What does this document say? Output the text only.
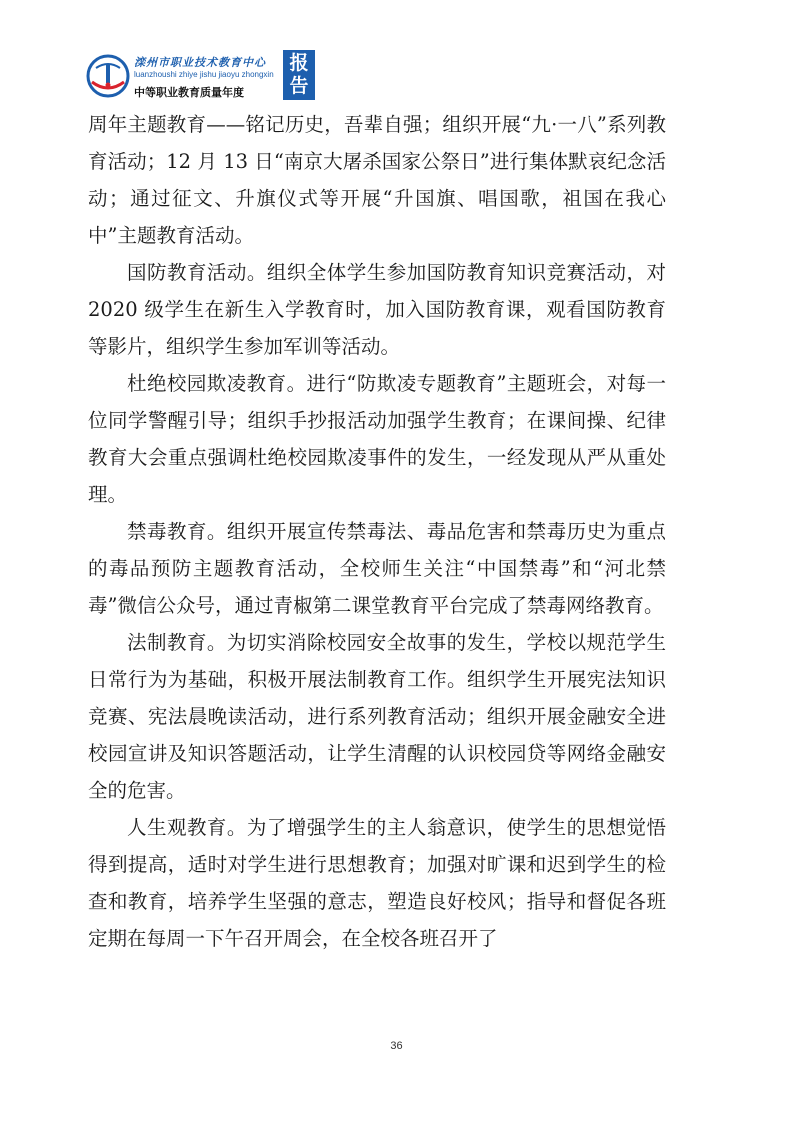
滦州市职业技术教育中心
luanzhoushi zhiye jishu jiaoyu zhongxin
中等职业教育质量年度
报
告

周年主题教育——铭记历史，吾辈自强；组织开展“九·一八”系列教育活动；12 月 13 日“南京大屠杀国家公祭日”进行集体默哀纪念活动；通过征文、升旗仪式等开展“升国旗、唱国歌，祖国在我心中”主题教育活动。

国防教育活动。组织全体学生参加国防教育知识竞赛活动，对 2020 级学生在新生入学教育时，加入国防教育课，观看国防教育等影片，组织学生参加军训等活动。

杜绝校园欺凌教育。进行“防欺凌专题教育”主题班会，对每一位同学警醒引导；组织手抄报活动加强学生教育；在课间操、纪律教育大会重点强调杜绝校园欺凌事件的发生，一经发现从严从重处理。

禁毒教育。组织开展宣传禁毒法、毒品危害和禁毒历史为重点的毒品预防主题教育活动，全校师生关注“中国禁毒”和“河北禁毒”微信公众号，通过青椒第二课堂教育平台完成了禁毒网络教育。

法制教育。为切实消除校园安全故事的发生，学校以规范学生日常行为为基础，积极开展法制教育工作。组织学生开展宪法知识竞赛、宪法晨晚读活动，进行系列教育活动；组织开展金融安全进校园宣讲及知识答题活动，让学生清醒的认识校园贷等网络金融安全的危害。

人生观教育。为了增强学生的主人翁意识，使学生的思想觉悟得到提高，适时对学生进行思想教育；加强对旷课和迟到学生的检查和教育，培养学生坚强的意志，塑造良好校风；指导和督促各班定期在每周一下午召开周会，在全校各班召开了

36
